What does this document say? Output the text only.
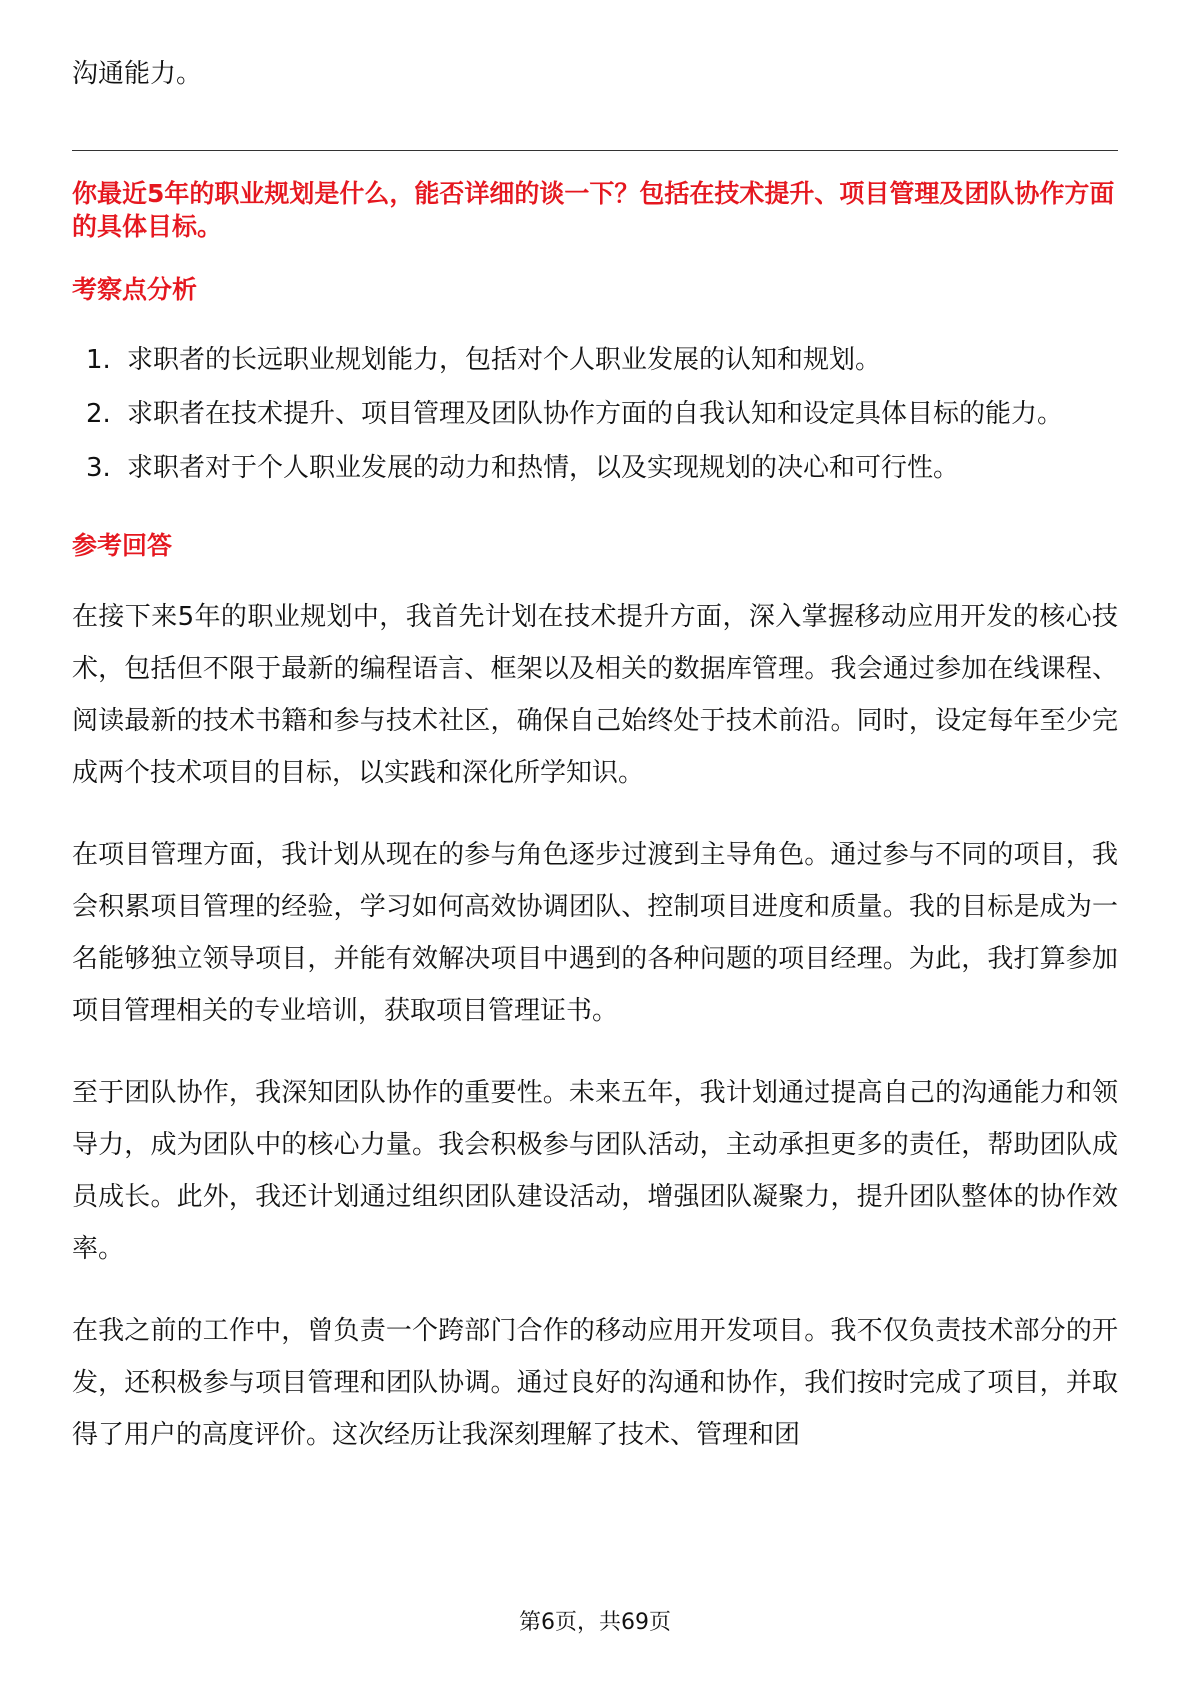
沟通能力。

你最近5年的职业规划是什么，能否详细的谈一下？包括在技术提升、项目管理及团队协作方面的具体目标。

考察点分析

1. 求职者的长远职业规划能力，包括对个人职业发展的认知和规划。
2. 求职者在技术提升、项目管理及团队协作方面的自我认知和设定具体目标的能力。
3. 求职者对于个人职业发展的动力和热情，以及实现规划的决心和可行性。

参考回答

在接下来5年的职业规划中，我首先计划在技术提升方面，深入掌握移动应用开发的核心技术，包括但不限于最新的编程语言、框架以及相关的数据库管理。我会通过参加在线课程、阅读最新的技术书籍和参与技术社区，确保自己始终处于技术前沿。同时，设定每年至少完成两个技术项目的目标，以实践和深化所学知识。

在项目管理方面，我计划从现在的参与角色逐步过渡到主导角色。通过参与不同的项目，我会积累项目管理的经验，学习如何高效协调团队、控制项目进度和质量。我的目标是成为一名能够独立领导项目，并能有效解决项目中遇到的各种问题的项目经理。为此，我打算参加项目管理相关的专业培训，获取项目管理证书。

至于团队协作，我深知团队协作的重要性。未来五年，我计划通过提高自己的沟通能力和领导力，成为团队中的核心力量。我会积极参与团队活动，主动承担更多的责任，帮助团队成员成长。此外，我还计划通过组织团队建设活动，增强团队凝聚力，提升团队整体的协作效率。

在我之前的工作中，曾负责一个跨部门合作的移动应用开发项目。我不仅负责技术部分的开发，还积极参与项目管理和团队协调。通过良好的沟通和协作，我们按时完成了项目，并取得了用户的高度评价。这次经历让我深刻理解了技术、管理和团

第6页，共69页
